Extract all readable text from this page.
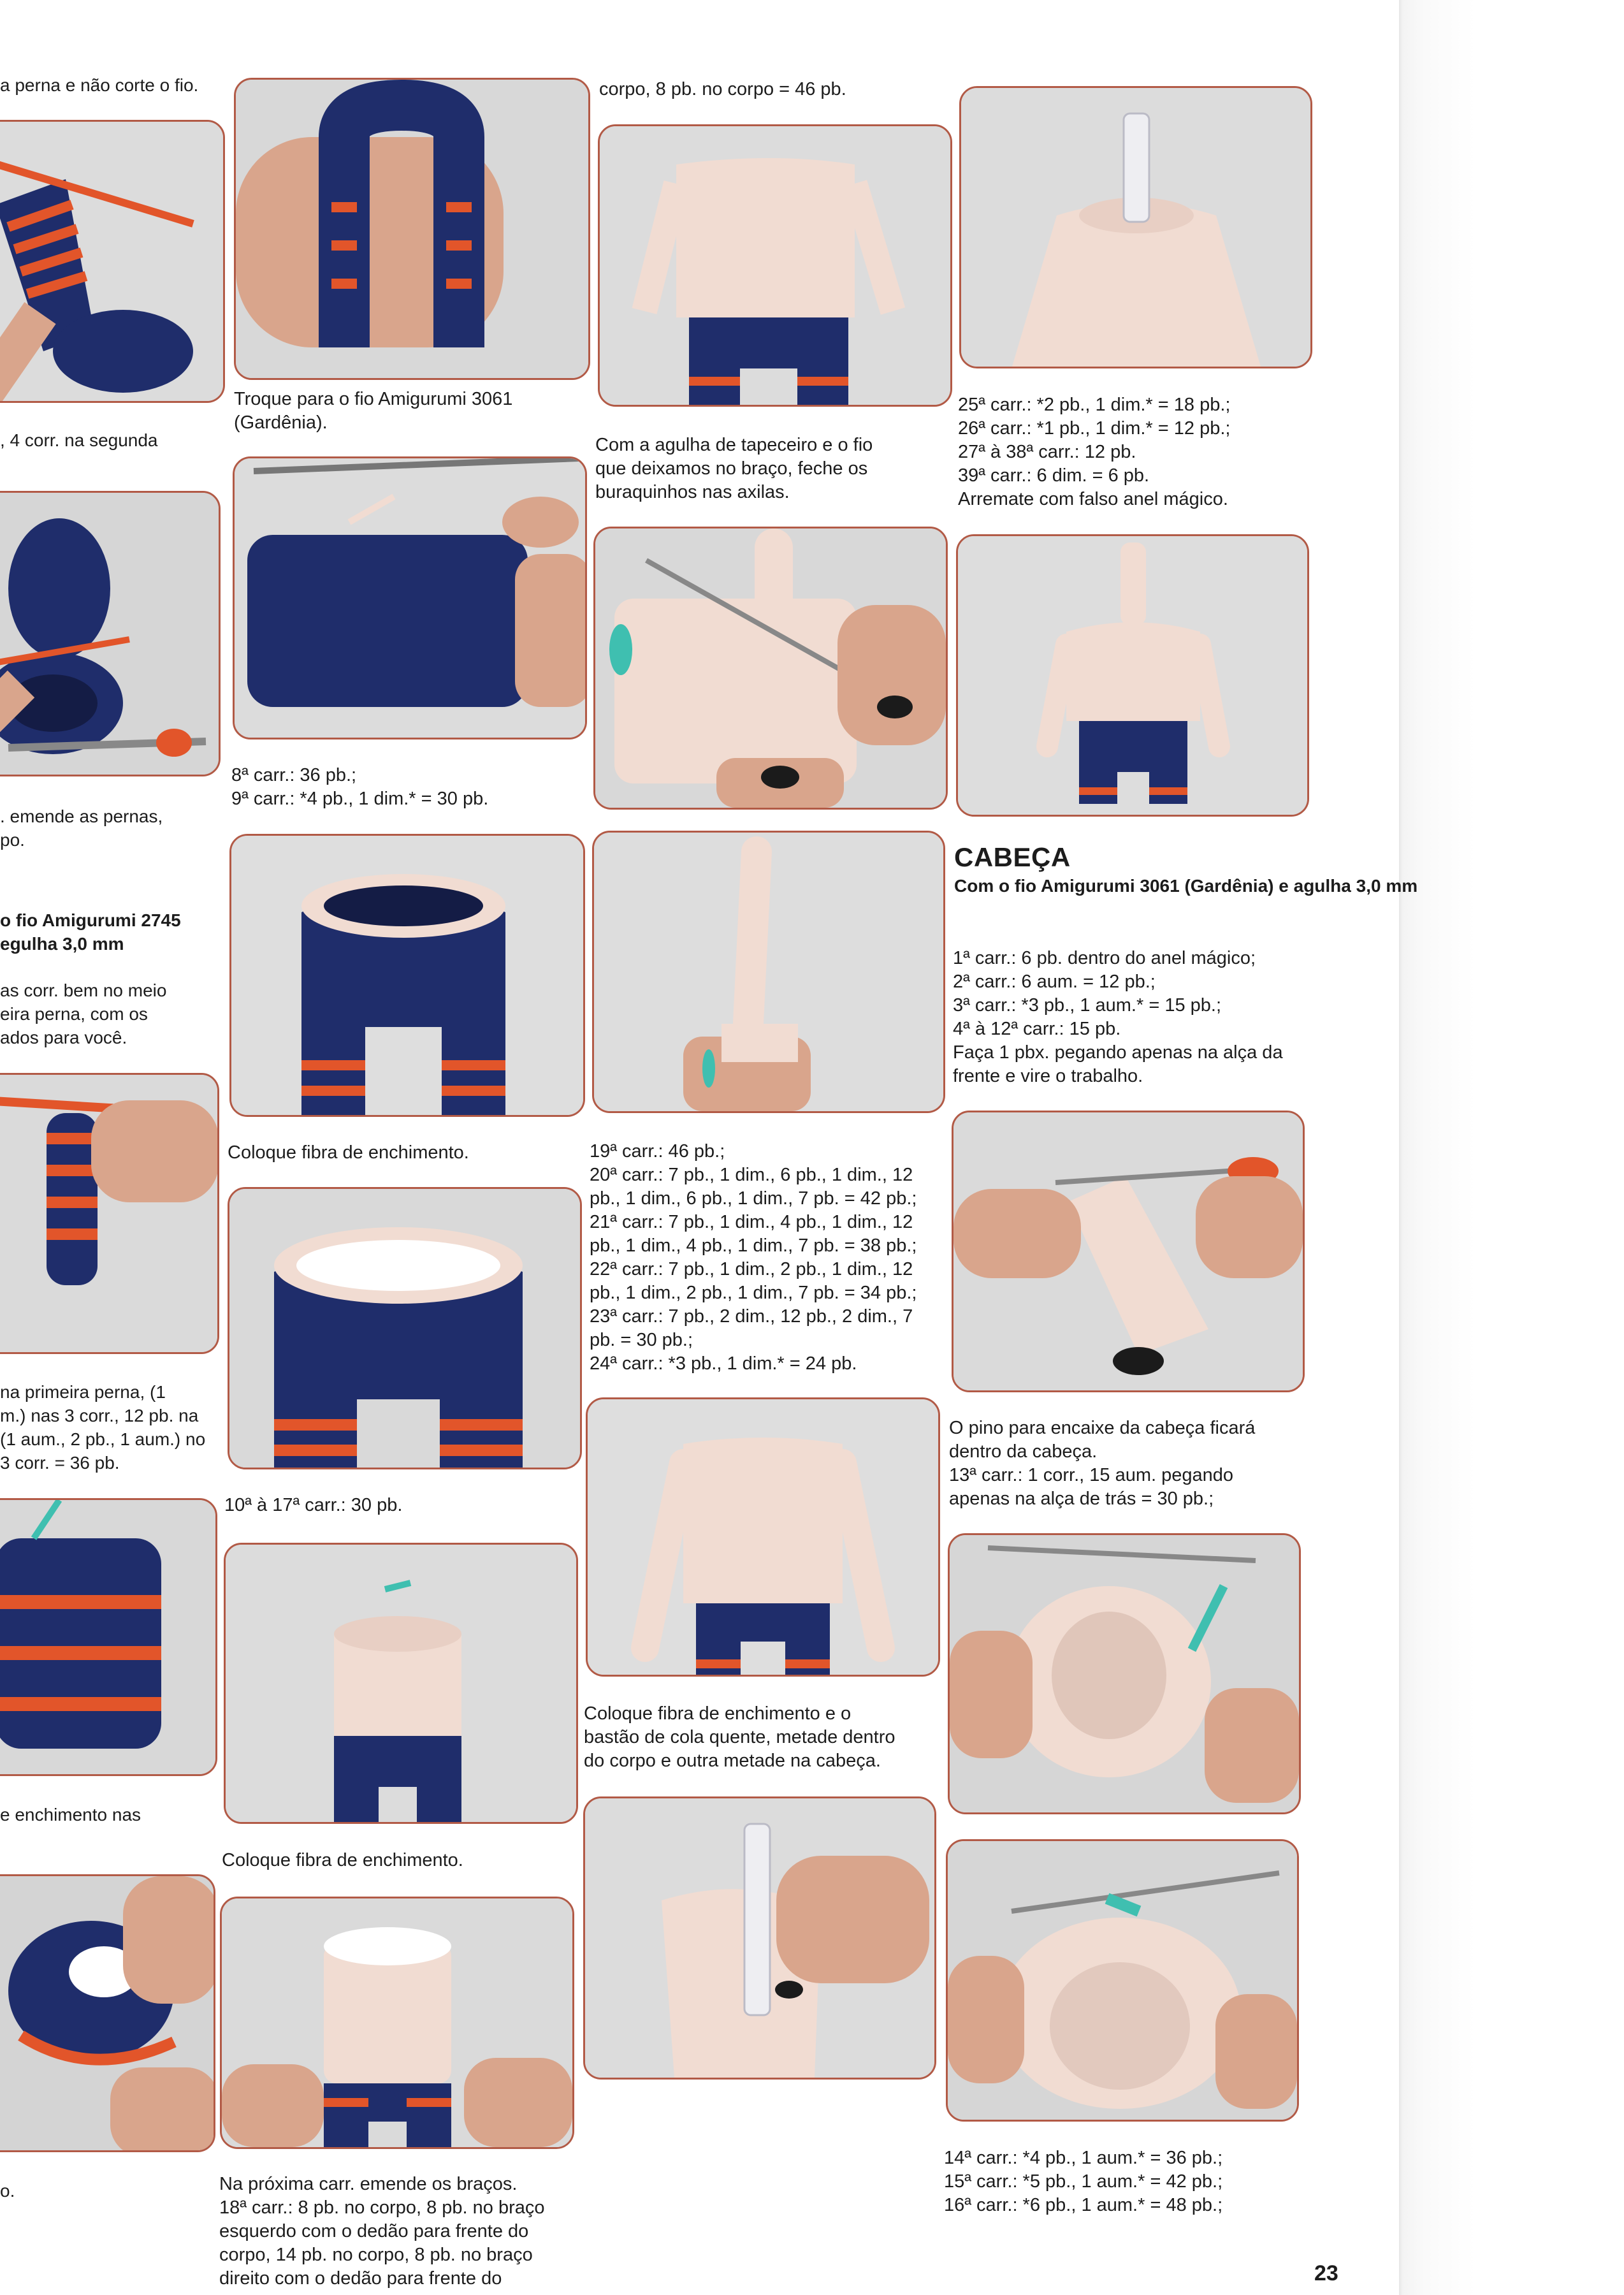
a perna e não corte o fio.

, 4 corr. na segunda

. emende as pernas,
po.

o fio Amigurumi 2745
egulha 3,0 mm

as corr. bem no meio
eira perna, com os
ados para você.

na primeira perna, (1
m.) nas 3 corr., 12 pb. na
(1 aum., 2 pb., 1 aum.) no
3 corr. = 36 pb.

e enchimento nas

o.

Troque para o fio Amigurumi 3061
(Gardênia).

8ª carr.: 36 pb.;
9ª carr.: *4 pb., 1 dim.* = 30 pb.

Coloque fibra de enchimento.

10ª à 17ª carr.: 30 pb.

Coloque fibra de enchimento.

Na próxima carr. emende os braços.
18ª carr.: 8 pb. no corpo, 8 pb. no braço
esquerdo com o dedão para frente do
corpo, 14 pb. no corpo, 8 pb. no braço
direito com o dedão para frente do

corpo, 8 pb. no corpo = 46 pb.

Com a agulha de tapeceiro e o fio
que deixamos no braço, feche os
buraquinhos nas axilas.

19ª carr.: 46 pb.;
20ª carr.: 7 pb., 1 dim., 6 pb., 1 dim., 12
pb., 1 dim., 6 pb., 1 dim., 7 pb. = 42 pb.;
21ª carr.: 7 pb., 1 dim., 4 pb., 1 dim., 12
pb., 1 dim., 4 pb., 1 dim., 7 pb. = 38 pb.;
22ª carr.: 7 pb., 1 dim., 2 pb., 1 dim., 12
pb., 1 dim., 2 pb., 1 dim., 7 pb. = 34 pb.;
23ª carr.: 7 pb., 2 dim., 12 pb., 2 dim., 7
pb. = 30 pb.;
24ª carr.: *3 pb., 1 dim.* = 24 pb.

Coloque fibra de enchimento e o
bastão de cola quente, metade dentro
do corpo e outra metade na cabeça.

25ª carr.: *2 pb., 1 dim.* = 18 pb.;
26ª carr.: *1 pb., 1 dim.* = 12 pb.;
27ª à 38ª carr.: 12 pb.
39ª carr.: 6 dim. = 6 pb.
Arremate com falso anel mágico.

CABEÇA

Com o fio Amigurumi 3061 (Gardênia) e agulha 3,0 mm

1ª carr.: 6 pb. dentro do anel mágico;
2ª carr.: 6 aum. = 12 pb.;
3ª carr.: *3 pb., 1 aum.* = 15 pb.;
4ª à 12ª carr.: 15 pb.
Faça 1 pbx. pegando apenas na alça da
frente e vire o trabalho.

O pino para encaixe da cabeça ficará
dentro da cabeça.
13ª carr.: 1 corr., 15 aum. pegando
apenas na alça de trás = 30 pb.;

14ª carr.: *4 pb., 1 aum.* = 36 pb.;
15ª carr.: *5 pb., 1 aum.* = 42 pb.;
16ª carr.: *6 pb., 1 aum.* = 48 pb.;

23
